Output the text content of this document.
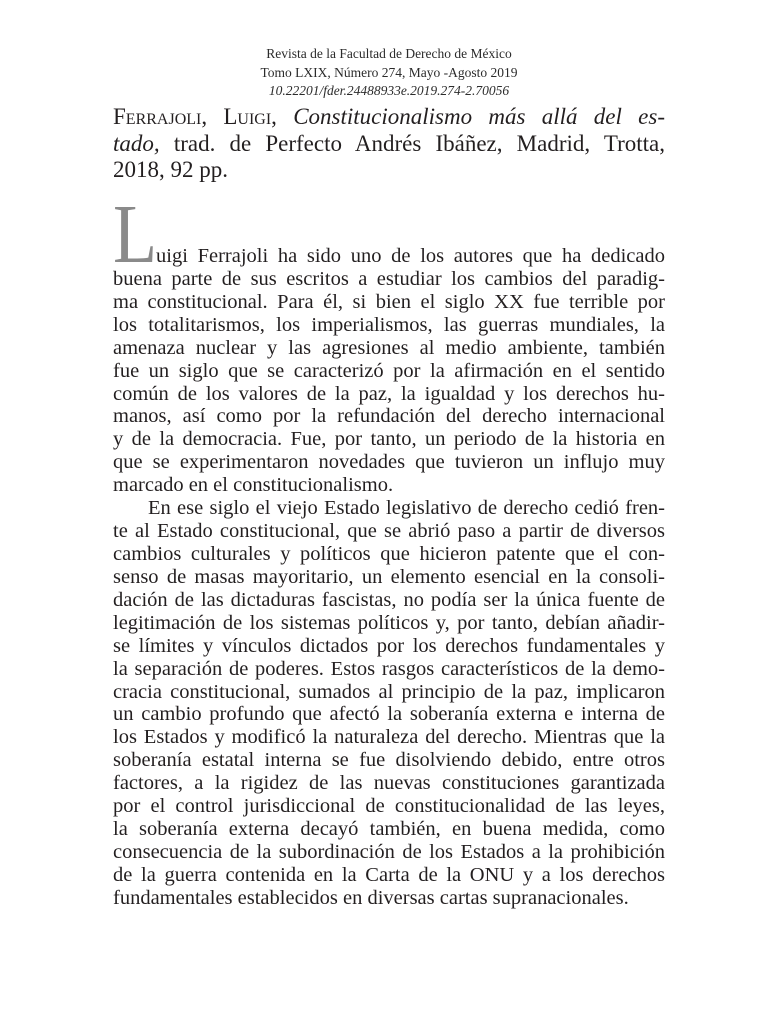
Revista de la Facultad de Derecho de México
Tomo LXIX, Número 274, Mayo -Agosto 2019
10.22201/fder.24488933e.2019.274-2.70056
Ferrajoli, Luigi, Constitucionalismo más allá del es-
tado, trad. de Perfecto Andrés Ibáñez, Madrid, Trotta,
2018, 92 pp.
L
uigi Ferrajoli ha sido uno de los autores que ha dedicado
buena parte de sus escritos a estudiar los cambios del paradig-
ma constitucional. Para él, si bien el siglo XX fue terrible por
los totalitarismos, los imperialismos, las guerras mundiales, la
amenaza nuclear y las agresiones al medio ambiente, también
fue un siglo que se caracterizó por la afirmación en el sentido
común de los valores de la paz, la igualdad y los derechos hu-
manos, así como por la refundación del derecho internacional
y de la democracia. Fue, por tanto, un periodo de la historia en
que se experimentaron novedades que tuvieron un influjo muy
marcado en el constitucionalismo.
En ese siglo el viejo Estado legislativo de derecho cedió fren-
te al Estado constitucional, que se abrió paso a partir de diversos
cambios culturales y políticos que hicieron patente que el con-
senso de masas mayoritario, un elemento esencial en la consoli-
dación de las dictaduras fascistas, no podía ser la única fuente de
legitimación de los sistemas políticos y, por tanto, debían añadir-
se límites y vínculos dictados por los derechos fundamentales y
la separación de poderes. Estos rasgos característicos de la demo-
cracia constitucional, sumados al principio de la paz, implicaron
un cambio profundo que afectó la soberanía externa e interna de
los Estados y modificó la naturaleza del derecho. Mientras que la
soberanía estatal interna se fue disolviendo debido, entre otros
factores, a la rigidez de las nuevas constituciones garantizada
por el control jurisdiccional de constitucionalidad de las leyes,
la soberanía externa decayó también, en buena medida, como
consecuencia de la subordinación de los Estados a la prohibición
de la guerra contenida en la Carta de la ONU y a los derechos
fundamentales establecidos en diversas cartas supranacionales.
